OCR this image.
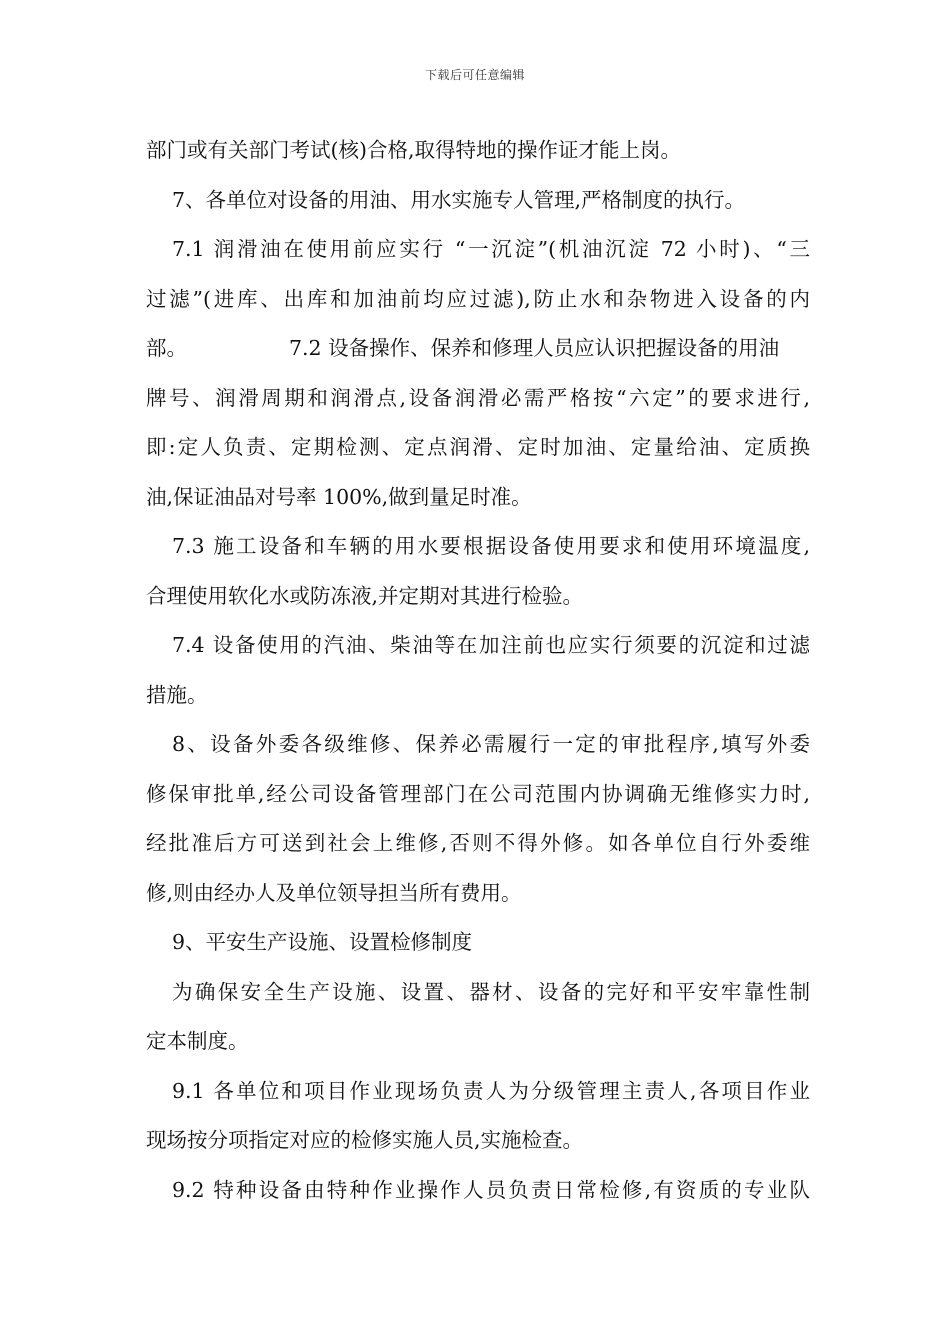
下载后可任意编辑
部门或有关部门考试(核)合格,取得特地的操作证才能上岗。
7、各单位对设备的用油、用水实施专人管理,严格制度的执行。
7.1 润滑油在使用前应实行 “一沉淀”(机油沉淀 72 小时)、“三
过滤”(进库、出库和加油前均应过滤),防止水和杂物进入设备的内
部。	7.2 设备操作、保养和修理人员应认识把握设备的用油
牌号、润滑周期和润滑点,设备润滑必需严格按“六定”的要求进行,
即:定人负责、定期检测、定点润滑、定时加油、定量给油、定质换
油,保证油品对号率 100%,做到量足时准。
7.3 施工设备和车辆的用水要根据设备使用要求和使用环境温度,
合理使用软化水或防冻液,并定期对其进行检验。
7.4 设备使用的汽油、柴油等在加注前也应实行须要的沉淀和过滤
措施。
8、设备外委各级维修、保养必需履行一定的审批程序,填写外委
修保审批单,经公司设备管理部门在公司范围内协调确无维修实力时,
经批准后方可送到社会上维修,否则不得外修。如各单位自行外委维
修,则由经办人及单位领导担当所有费用。
9、平安生产设施、设置检修制度
为确保安全生产设施、设置、器材、设备的完好和平安牢靠性制
定本制度。
9.1 各单位和项目作业现场负责人为分级管理主责人,各项目作业
现场按分项指定对应的检修实施人员,实施检查。
9.2 特种设备由特种作业操作人员负责日常检修,有资质的专业队
